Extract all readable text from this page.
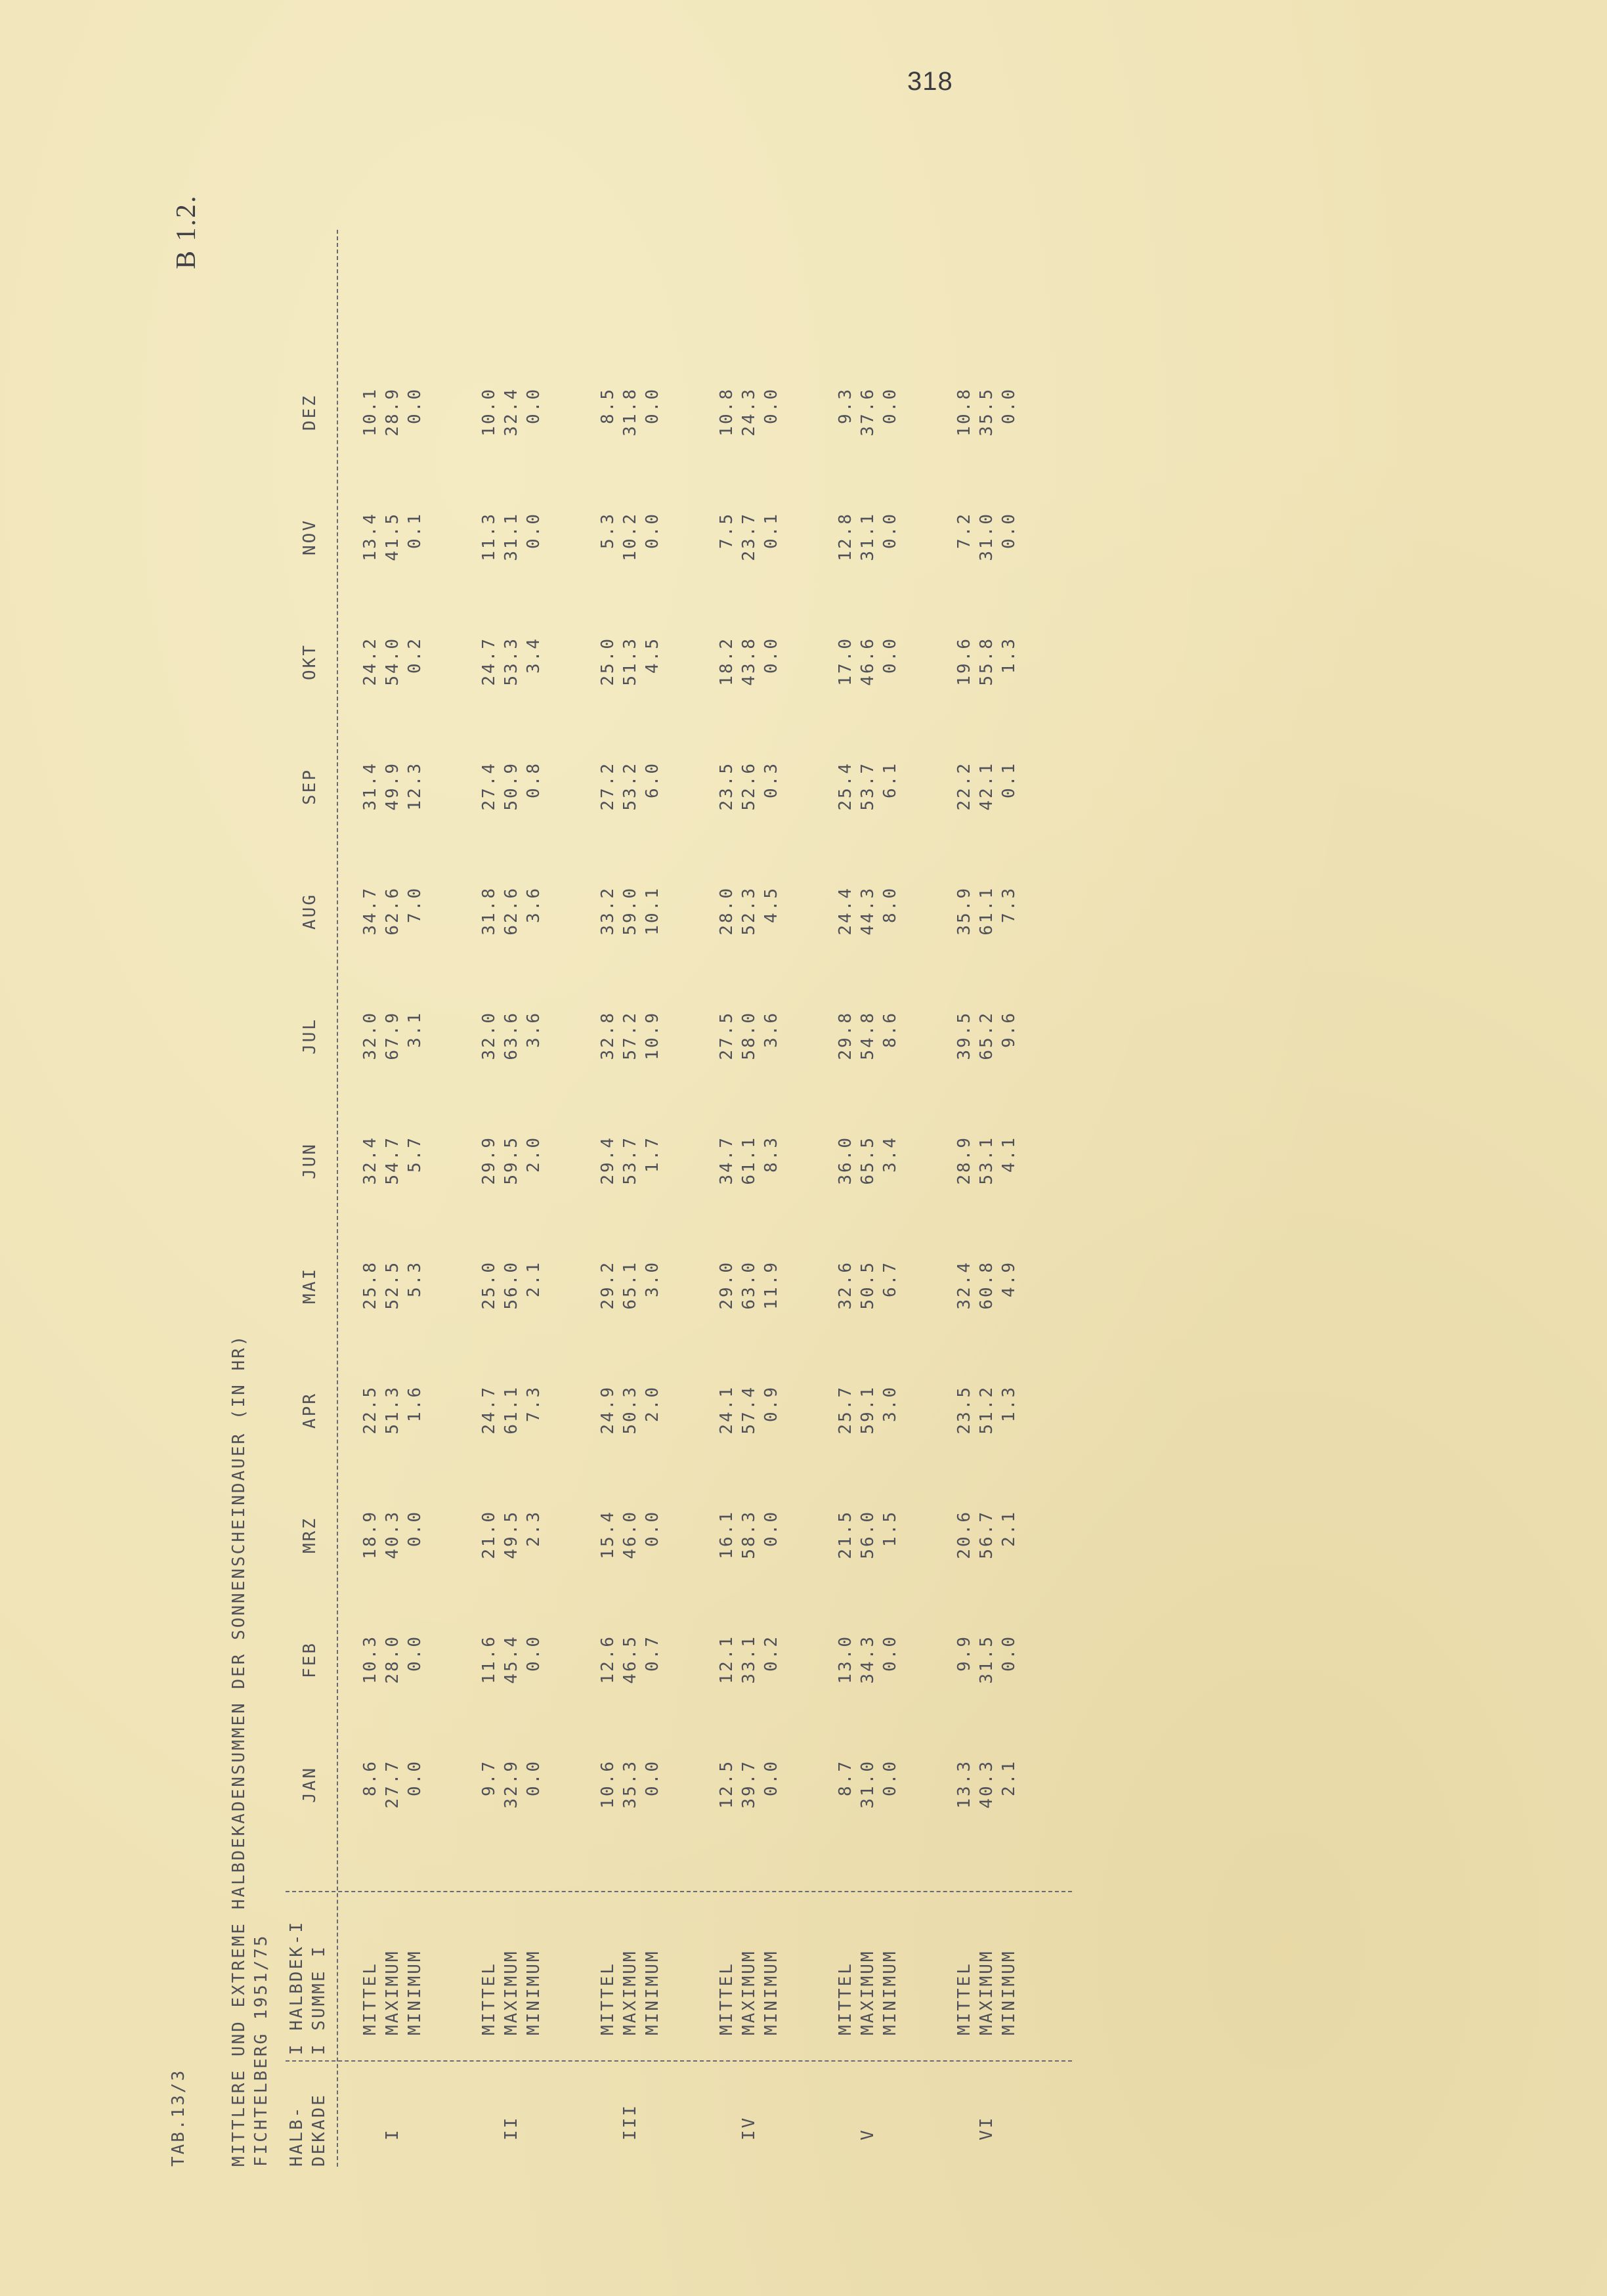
318
B 1.2.
TAB.13/3 MITTLERE UND EXTREME HALBDEKADENSUMMEN DER SONNENSCHEINDAUER (IN HR) FICHTELBERG 1951/75 HALB- DEKADE
I HALBDEK-I I SUMME I
JAN
FEB
MRZ
APR
MAI
JUN
JUL
AUG
SEP
OKT
NOV
DEZ
I
MITTEL
8.6
10.3
18.9
22.5
25.8
32.4
32.0
34.7
31.4
24.2
13.4
10.1
MAXIMUM
27.7
28.0
40.3
51.3
52.5
54.7
67.9
62.6
49.9
54.0
41.5
28.9
MINIMUM
0.0
0.0
0.0
1.6
5.3
5.7
3.1
7.0
12.3
0.2
0.1
0.0
II
MITTEL
9.7
11.6
21.0
24.7
25.0
29.9
32.0
31.8
27.4
24.7
11.3
10.0
MAXIMUM
32.9
45.4
49.5
61.1
56.0
59.5
63.6
62.6
50.9
53.3
31.1
32.4
MINIMUM
0.0
0.0
2.3
7.3
2.1
2.0
3.6
3.6
0.8
3.4
0.0
0.0
III
MITTEL
10.6
12.6
15.4
24.9
29.2
29.4
32.8
33.2
27.2
25.0
5.3
8.5
MAXIMUM
35.3
46.5
46.0
50.3
65.1
53.7
57.2
59.0
53.2
51.3
10.2
31.8
MINIMUM
0.0
0.7
0.0
2.0
3.0
1.7
10.9
10.1
6.0
4.5
0.0
0.0
IV
MITTEL
12.5
12.1
16.1
24.1
29.0
34.7
27.5
28.0
23.5
18.2
7.5
10.8
MAXIMUM
39.7
33.1
58.3
57.4
63.0
61.1
58.0
52.3
52.6
43.8
23.7
24.3
MINIMUM
0.0
0.2
0.0
0.9
11.9
8.3
3.6
4.5
0.3
0.0
0.1
0.0
V
MITTEL
8.7
13.0
21.5
25.7
32.6
36.0
29.8
24.4
25.4
17.0
12.8
9.3
MAXIMUM
31.0
34.3
56.0
59.1
50.5
65.5
54.8
44.3
53.7
46.6
31.1
37.6
MINIMUM
0.0
0.0
1.5
3.0
6.7
3.4
8.6
8.0
6.1
0.0
0.0
0.0
VI
MITTEL
13.3
9.9
20.6
23.5
32.4
28.9
39.5
35.9
22.2
19.6
7.2
10.8
MAXIMUM
40.3
31.5
56.7
51.2
60.8
53.1
65.2
61.1
42.1
55.8
31.0
35.5
MINIMUM
2.1
0.0
2.1
1.3
4.9
4.1
9.6
7.3
0.1
1.3
0.0
0.0
